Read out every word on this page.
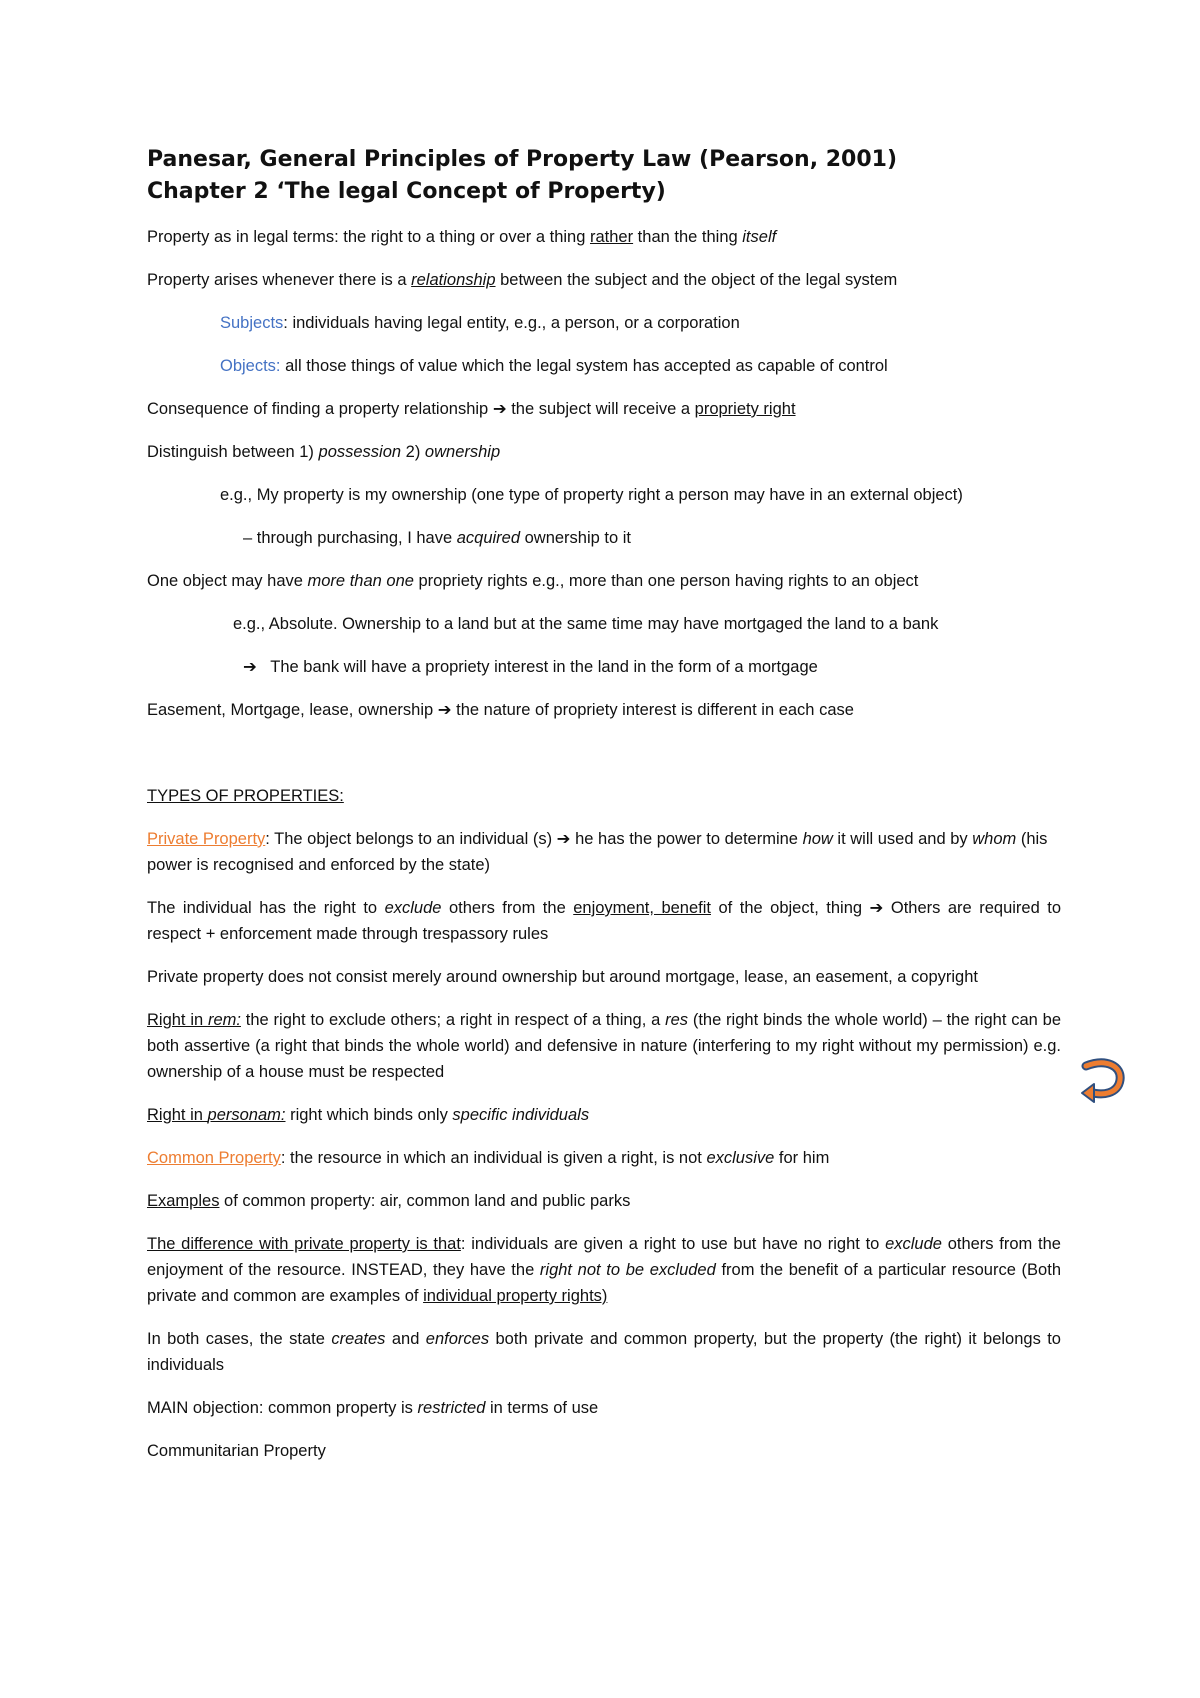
Panesar, General Principles of Property Law (Pearson, 2001)
Chapter 2 ‘The legal Concept of Property)

Property as in legal terms: the right to a thing or over a thing rather than the thing itself

Property arises whenever there is a relationship between the subject and the object of the legal system

Subjects: individuals having legal entity, e.g., a person, or a corporation

Objects: all those things of value which the legal system has accepted as capable of control

Consequence of finding a property relationship ➔ the subject will receive a propriety right

Distinguish between 1) possession 2) ownership

e.g., My property is my ownership (one type of property right a person may have in an external object)

– through purchasing, I have acquired ownership to it

One object may have more than one propriety rights e.g., more than one person having rights to an object

e.g., Absolute. Ownership to a land but at the same time may have mortgaged the land to a bank

➔   The bank will have a propriety interest in the land in the form of a mortgage

Easement, Mortgage, lease, ownership ➔ the nature of propriety interest is different in each case

TYPES OF PROPERTIES:

Private Property: The object belongs to an individual (s) ➔ he has the power to determine how it will used and by whom (his power is recognised and enforced by the state)

The individual has the right to exclude others from the enjoyment, benefit of the object, thing ➔ Others are required to respect + enforcement made through trespassory rules

Private property does not consist merely around ownership but around mortgage, lease, an easement, a copyright

Right in rem: the right to exclude others; a right in respect of a thing, a res (the right binds the whole world) – the right can be both assertive (a right that binds the whole world) and defensive in nature (interfering to my right without my permission) e.g. ownership of a house must be respected

Right in personam: right which binds only specific individuals

Common Property: the resource in which an individual is given a right, is not exclusive for him

Examples of common property: air, common land and public parks

The difference with private property is that: individuals are given a right to use but have no right to exclude others from the enjoyment of the resource. INSTEAD, they have the right not to be excluded from the benefit of a particular resource (Both private and common are examples of individual property rights)

In both cases, the state creates and enforces both private and common property, but the property (the right) it belongs to individuals

MAIN objection: common property is restricted in terms of use

Communitarian Property
